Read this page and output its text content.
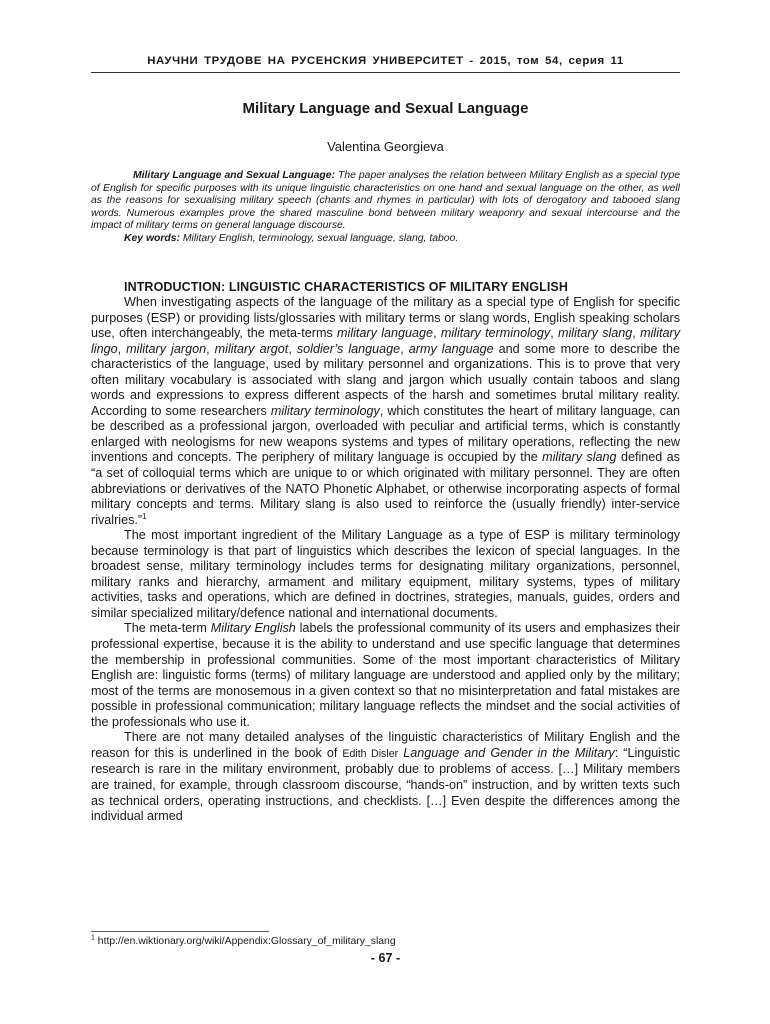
НАУЧНИ ТРУДОВЕ НА РУСЕНСКИЯ УНИВЕРСИТЕТ - 2015, том 54, серия 11
Military Language and Sexual Language
Valentina Georgieva

Military Language and Sexual Language: The paper analyses the relation between Military English as a special type of English for specific purposes with its unique linguistic characteristics on one hand and sexual language on the other, as well as the reasons for sexualising military speech (chants and rhymes in particular) with lots of derogatory and tabooed slang words. Numerous examples prove the shared masculine bond between military weaponry and sexual intercourse and the impact of military terms on general language discourse.

Key words: Military English, terminology, sexual language, slang, taboo.

INTRODUCTION: LINGUISTIC CHARACTERISTICS OF MILITARY ENGLISH

When investigating aspects of the language of the military as a special type of English for specific purposes (ESP) or providing lists/glossaries with military terms or slang words, English speaking scholars use, often interchangeably, the meta-terms military language, military terminology, military slang, military lingo, military jargon, military argot, soldier’s language, army language and some more to describe the characteristics of the language, used by military personnel and organizations. This is to prove that very often military vocabulary is associated with slang and jargon which usually contain taboos and slang words and expressions to express different aspects of the harsh and sometimes brutal military reality. According to some researchers military terminology, which constitutes the heart of military language, can be described as a professional jargon, overloaded with peculiar and artificial terms, which is constantly enlarged with neologisms for new weapons systems and types of military operations, reflecting the new inventions and concepts. The periphery of military language is occupied by the military slang defined as “a set of colloquial terms which are unique to or which originated with military personnel. They are often abbreviations or derivatives of the NATO Phonetic Alphabet, or otherwise incorporating aspects of formal military concepts and terms. Military slang is also used to reinforce the (usually friendly) inter-service rivalries.”$^1$

The most important ingredient of the Military Language as a type of ESP is military terminology because terminology is that part of linguistics which describes the lexicon of special languages. In the broadest sense, military terminology includes terms for designating military organizations, personnel, military ranks and hierarchy, armament and military equipment, military systems, types of military activities, tasks and operations, which are defined in doctrines, strategies, manuals, guides, orders and similar specialized military/defence national and international documents.

The meta-term Military English labels the professional community of its users and emphasizes their professional expertise, because it is the ability to understand and use specific language that determines the membership in professional communities. Some of the most important characteristics of Military English are: linguistic forms (terms) of military language are understood and applied only by the military; most of the terms are monosemous in a given context so that no misinterpretation and fatal mistakes are possible in professional communication; military language reflects the mindset and the social activities of the professionals who use it.

There are not many detailed analyses of the linguistic characteristics of Military English and the reason for this is underlined in the book of Edith Disler Language and Gender in the Military: “Linguistic research is rare in the military environment, probably due to problems of access. […] Military members are trained, for example, through classroom discourse, “hands-on” instruction, and by written texts such as technical orders, operating instructions, and checklists. […] Even despite the differences among the individual armed

$^1$ http://en.wiktionary.org/wiki/Appendix:Glossary_of_military_slang
- 67 -
